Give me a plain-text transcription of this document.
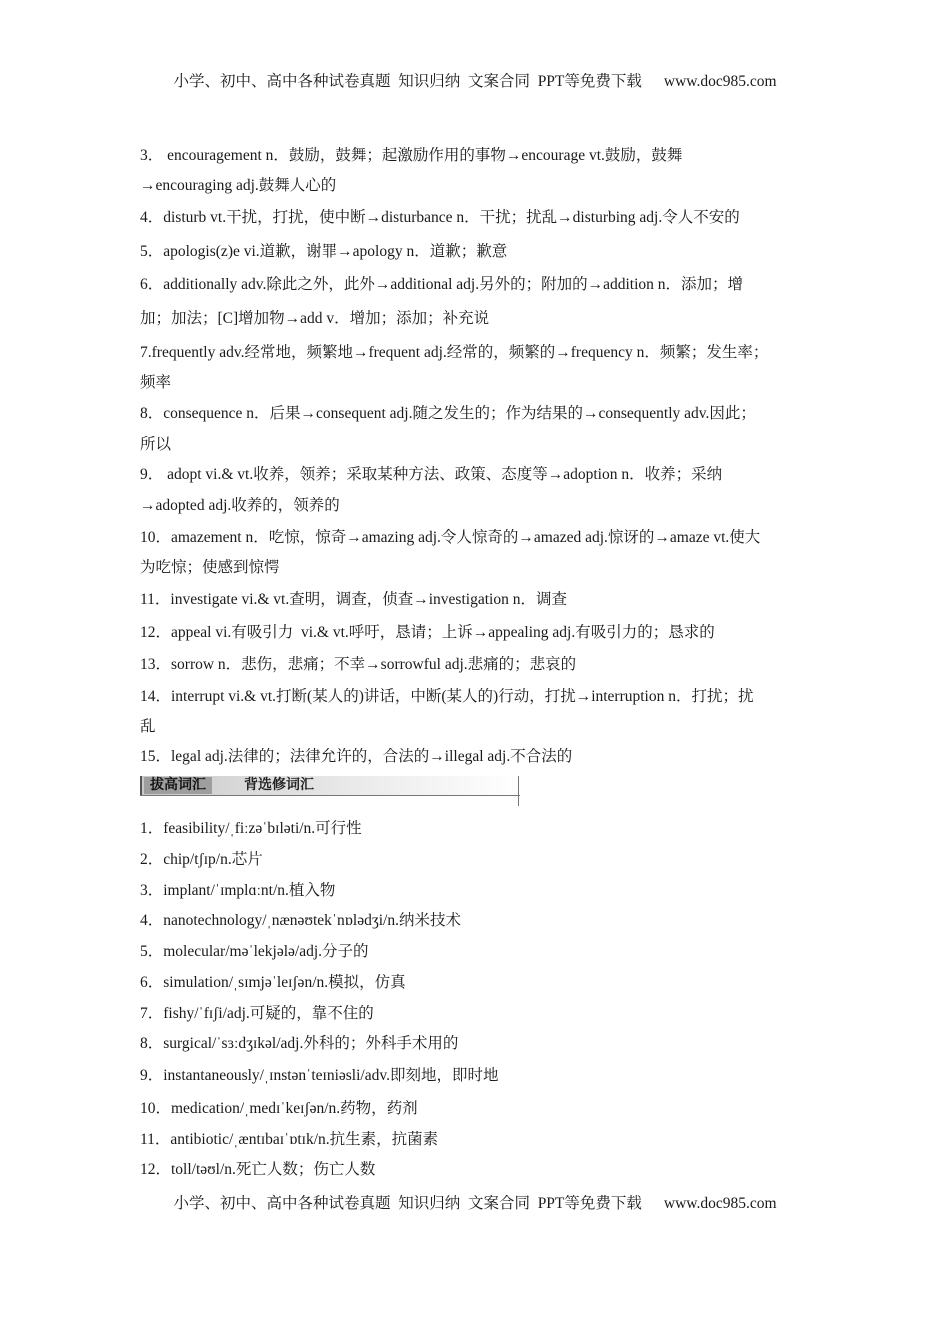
小学、初中、高中各种试卷真题  知识归纳  文案合同  PPT等免费下载 www.doc985.com
3． encouragement n．鼓励，鼓舞；起激励作用的事物→encourage vt.鼓励，鼓舞
→encouraging adj.鼓舞人心的
4．disturb vt.干扰，打扰，使中断→disturbance n．干扰；扰乱→disturbing adj.令人不安的
5．apologis(z)e vi.道歉，谢罪→apology n．道歉；歉意
6．additionally adv.除此之外，此外→additional adj.另外的；附加的→addition n．添加；增
加；加法；[C]增加物→add v．增加；添加；补充说
7.frequently adv.经常地，频繁地→frequent adj.经常的，频繁的→frequency n．频繁；发生率；
频率
8．consequence n．后果→consequent adj.随之发生的；作为结果的→consequently adv.因此；
所以
9． adopt vi.& vt.收养，领养；采取某种方法、政策、态度等→adoption n．收养；采纳
→adopted adj.收养的，领养的
10．amazement n．吃惊，惊奇→amazing adj.令人惊奇的→amazed adj.惊讶的→amaze vt.使大
为吃惊；使感到惊愕
11．investigate vi.& vt.查明，调查，侦查→investigation n．调查
12．appeal vi.有吸引力  vi.& vt.呼吁，恳请；上诉→appealing adj.有吸引力的；恳求的
13．sorrow n．悲伤，悲痛；不幸→sorrowful adj.悲痛的；悲哀的
14．interrupt vi.& vt.打断(某人的)讲话，中断(某人的)行动，打扰→interruption n．打扰；扰
乱
15．legal adj.法律的；法律允许的，合法的→illegal adj.不合法的
拔高词汇	背选修词汇
1．feasibility/ˌfiːzəˈbɪləti/n.可行性
2．chip/tʃɪp/n.芯片
3．implant/ˈɪmplɑːnt/n.植入物
4．nanotechnology/ˌnænəʊtekˈnɒlədʒi/n.纳米技术
5．molecular/məˈlekjələ/adj.分子的
6．simulation/ˌsɪmjəˈleɪʃən/n.模拟，仿真
7．fishy/ˈfɪʃi/adj.可疑的，靠不住的
8．surgical/ˈsɜːdʒɪkəl/adj.外科的；外科手术用的
9．instantaneously/ˌɪnstənˈteɪniəsli/adv.即刻地，即时地
10．medication/ˌmedɪˈkeɪʃən/n.药物，药剂
11．antibiotic/ˌæntɪbaɪˈɒtɪk/n.抗生素，抗菌素
12．toll/təʊl/n.死亡人数；伤亡人数
小学、初中、高中各种试卷真题  知识归纳  文案合同  PPT等免费下载 www.doc985.com
